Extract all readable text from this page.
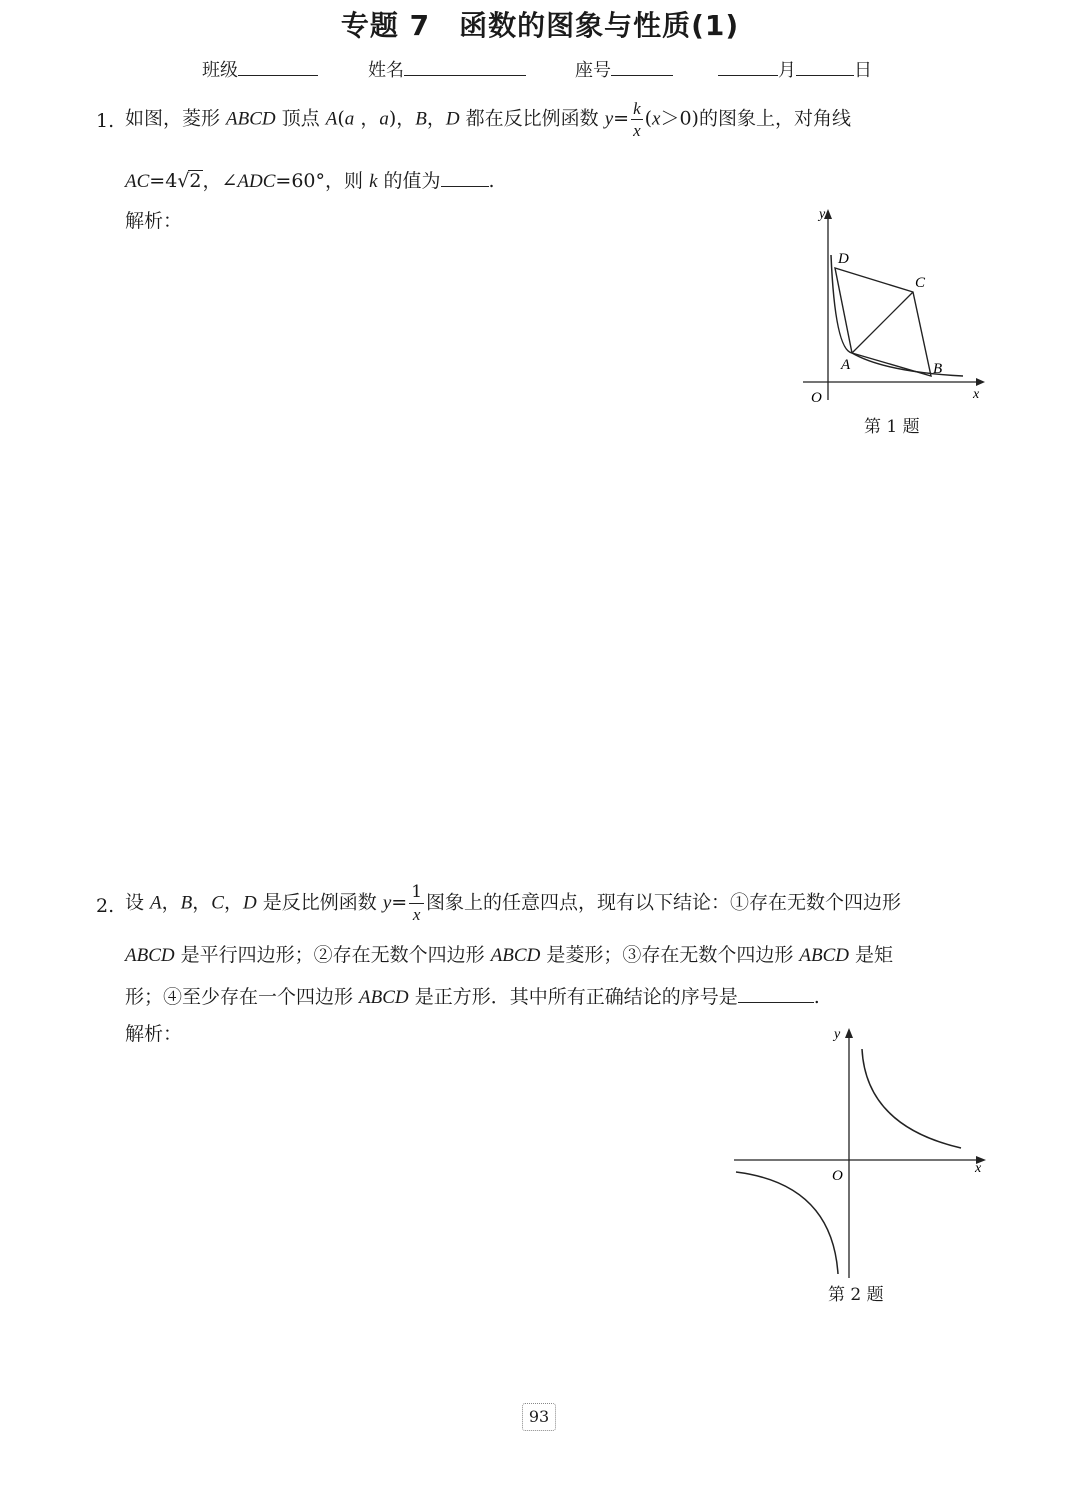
专题 7　函数的图象与性质(1)
班级	姓名	座号	月	日
1. 如图，菱形 ABCD 顶点 A(a ，a)，B，D 都在反比例函数 $y= \frac{k}{x} (x>0)$的图象上，对角线
AC=4√2，∠ADC=60°，则 k 的值为	.
解析：	y
x
O
D
C
A	B
第 1 题
2. 设 A，B，C，D 是反比例函数 $y= \frac{1}{x}$ 图象上的任意四点，现有以下结论：①存在无数个四边形
ABCD 是平行四边形；②存在无数个四边形 ABCD 是菱形；③存在无数个四边形 ABCD 是矩
形；④至少存在一个四边形 ABCD 是正方形．其中所有正确结论的序号是	.
解析：	y
x
O
第 2 题
93
